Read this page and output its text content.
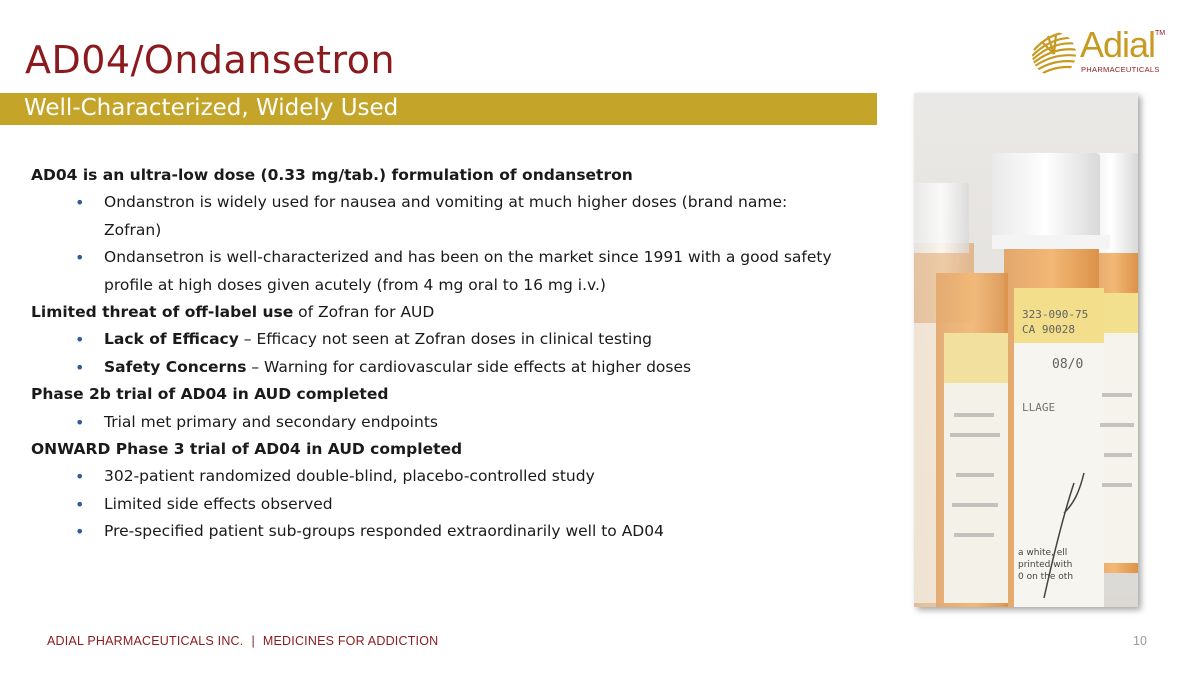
AD04/Ondansetron
Well-Characterized, Widely Used
Adial TM
PHARMACEUTICALS
AD04 is an ultra-low dose (0.33 mg/tab.) formulation of ondansetron
• Ondanstron is widely used for nausea and vomiting at much higher doses (brand name:
Zofran)
• Ondansetron is well-characterized and has been on the market since 1991 with a good safety
profile at high doses given acutely (from 4 mg oral to 16 mg i.v.)
Limited threat of off-label use of Zofran for AUD
• Lack of Efficacy – Efficacy not seen at Zofran doses in clinical testing
• Safety Concerns – Warning for cardiovascular side effects at higher doses
Phase 2b trial of AD04 in AUD completed
• Trial met primary and secondary endpoints
ONWARD Phase 3 trial of AD04 in AUD completed
• 302-patient randomized double-blind, placebo-controlled study
• Limited side effects observed
• Pre-specified patient sub-groups responded extraordinarily well to AD04
323-090-75
CA 90028
08/0
LLAGE
a white, ell
printed with
0 on the oth
ADIAL PHARMACEUTICALS INC. | MEDICINES FOR ADDICTION	10
